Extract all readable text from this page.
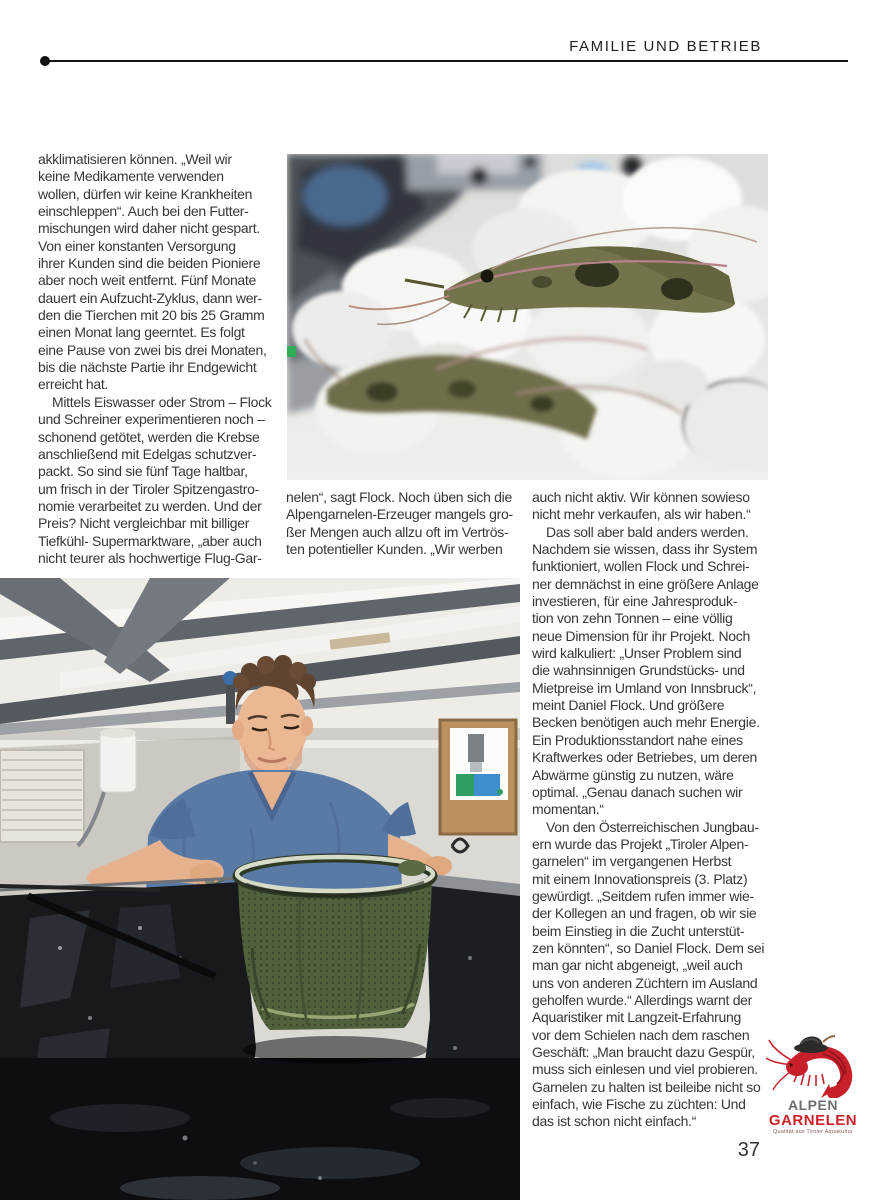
FAMILIE UND BETRIEB
akklimatisieren können. „Weil wir
keine Medikamente verwenden
wollen, dürfen wir keine Krankheiten
einschleppen“. Auch bei den Futter-
mischungen wird daher nicht gespart.
Von einer konstanten Versorgung
ihrer Kunden sind die beiden Pioniere
aber noch weit entfernt. Fünf Monate
dauert ein Aufzucht-Zyklus, dann wer-
den die Tierchen mit 20 bis 25 Gramm
einen Monat lang geerntet. Es folgt
eine Pause von zwei bis drei Monaten,
bis die nächste Partie ihr Endgewicht
erreicht hat.
Mittels Eiswasser oder Strom – Flock
und Schreiner experimentieren noch –
schonend getötet, werden die Krebse
anschließend mit Edelgas schutzver-
packt. So sind sie fünf Tage haltbar,
um frisch in der Tiroler Spitzengastro-
nomie verarbeitet zu werden. Und der
Preis? Nicht vergleichbar mit billiger
Tiefkühl- Supermarktware, „aber auch
nicht teurer als hochwertige Flug-Gar-
nelen“, sagt Flock. Noch üben sich die
Alpengarnelen-Erzeuger mangels gro-
ßer Mengen auch allzu oft im Vertrös-
ten potentieller Kunden. „Wir werben
auch nicht aktiv. Wir können sowieso
nicht mehr verkaufen, als wir haben.“
Das soll aber bald anders werden.
Nachdem sie wissen, dass ihr System
funktioniert, wollen Flock und Schrei-
ner demnächst in eine größere Anlage
investieren, für eine Jahresproduk-
tion von zehn Tonnen – eine völlig
neue Dimension für ihr Projekt. Noch
wird kalkuliert: „Unser Problem sind
die wahnsinnigen Grundstücks- und
Mietpreise im Umland von Innsbruck“,
meint Daniel Flock. Und größere
Becken benötigen auch mehr Energie.
Ein Produktionsstandort nahe eines
Kraftwerkes oder Betriebes, um deren
Abwärme günstig zu nutzen, wäre
optimal. „Genau danach suchen wir
momentan.“
Von den Österreichischen Jungbau-
ern wurde das Projekt „Tiroler Alpen-
garnelen“ im vergangenen Herbst
mit einem Innovationspreis (3. Platz)
gewürdigt. „Seitdem rufen immer wie-
der Kollegen an und fragen, ob wir sie
beim Einstieg in die Zucht unterstüt-
zen könnten“, so Daniel Flock. Dem sei
man gar nicht abgeneigt, „weil auch
uns von anderen Züchtern im Ausland
geholfen wurde.“ Allerdings warnt der
Aquaristiker mit Langzeit-Erfahrung
vor dem Schielen nach dem raschen
Geschäft: „Man braucht dazu Gespür,
muss sich einlesen und viel probieren.
Garnelen zu halten ist beileibe nicht so
einfach, wie Fische zu züchten: Und
das ist schon nicht einfach.“
ALPEN
GARNELEN
Qualität aus Tiroler Aquakultur
37
